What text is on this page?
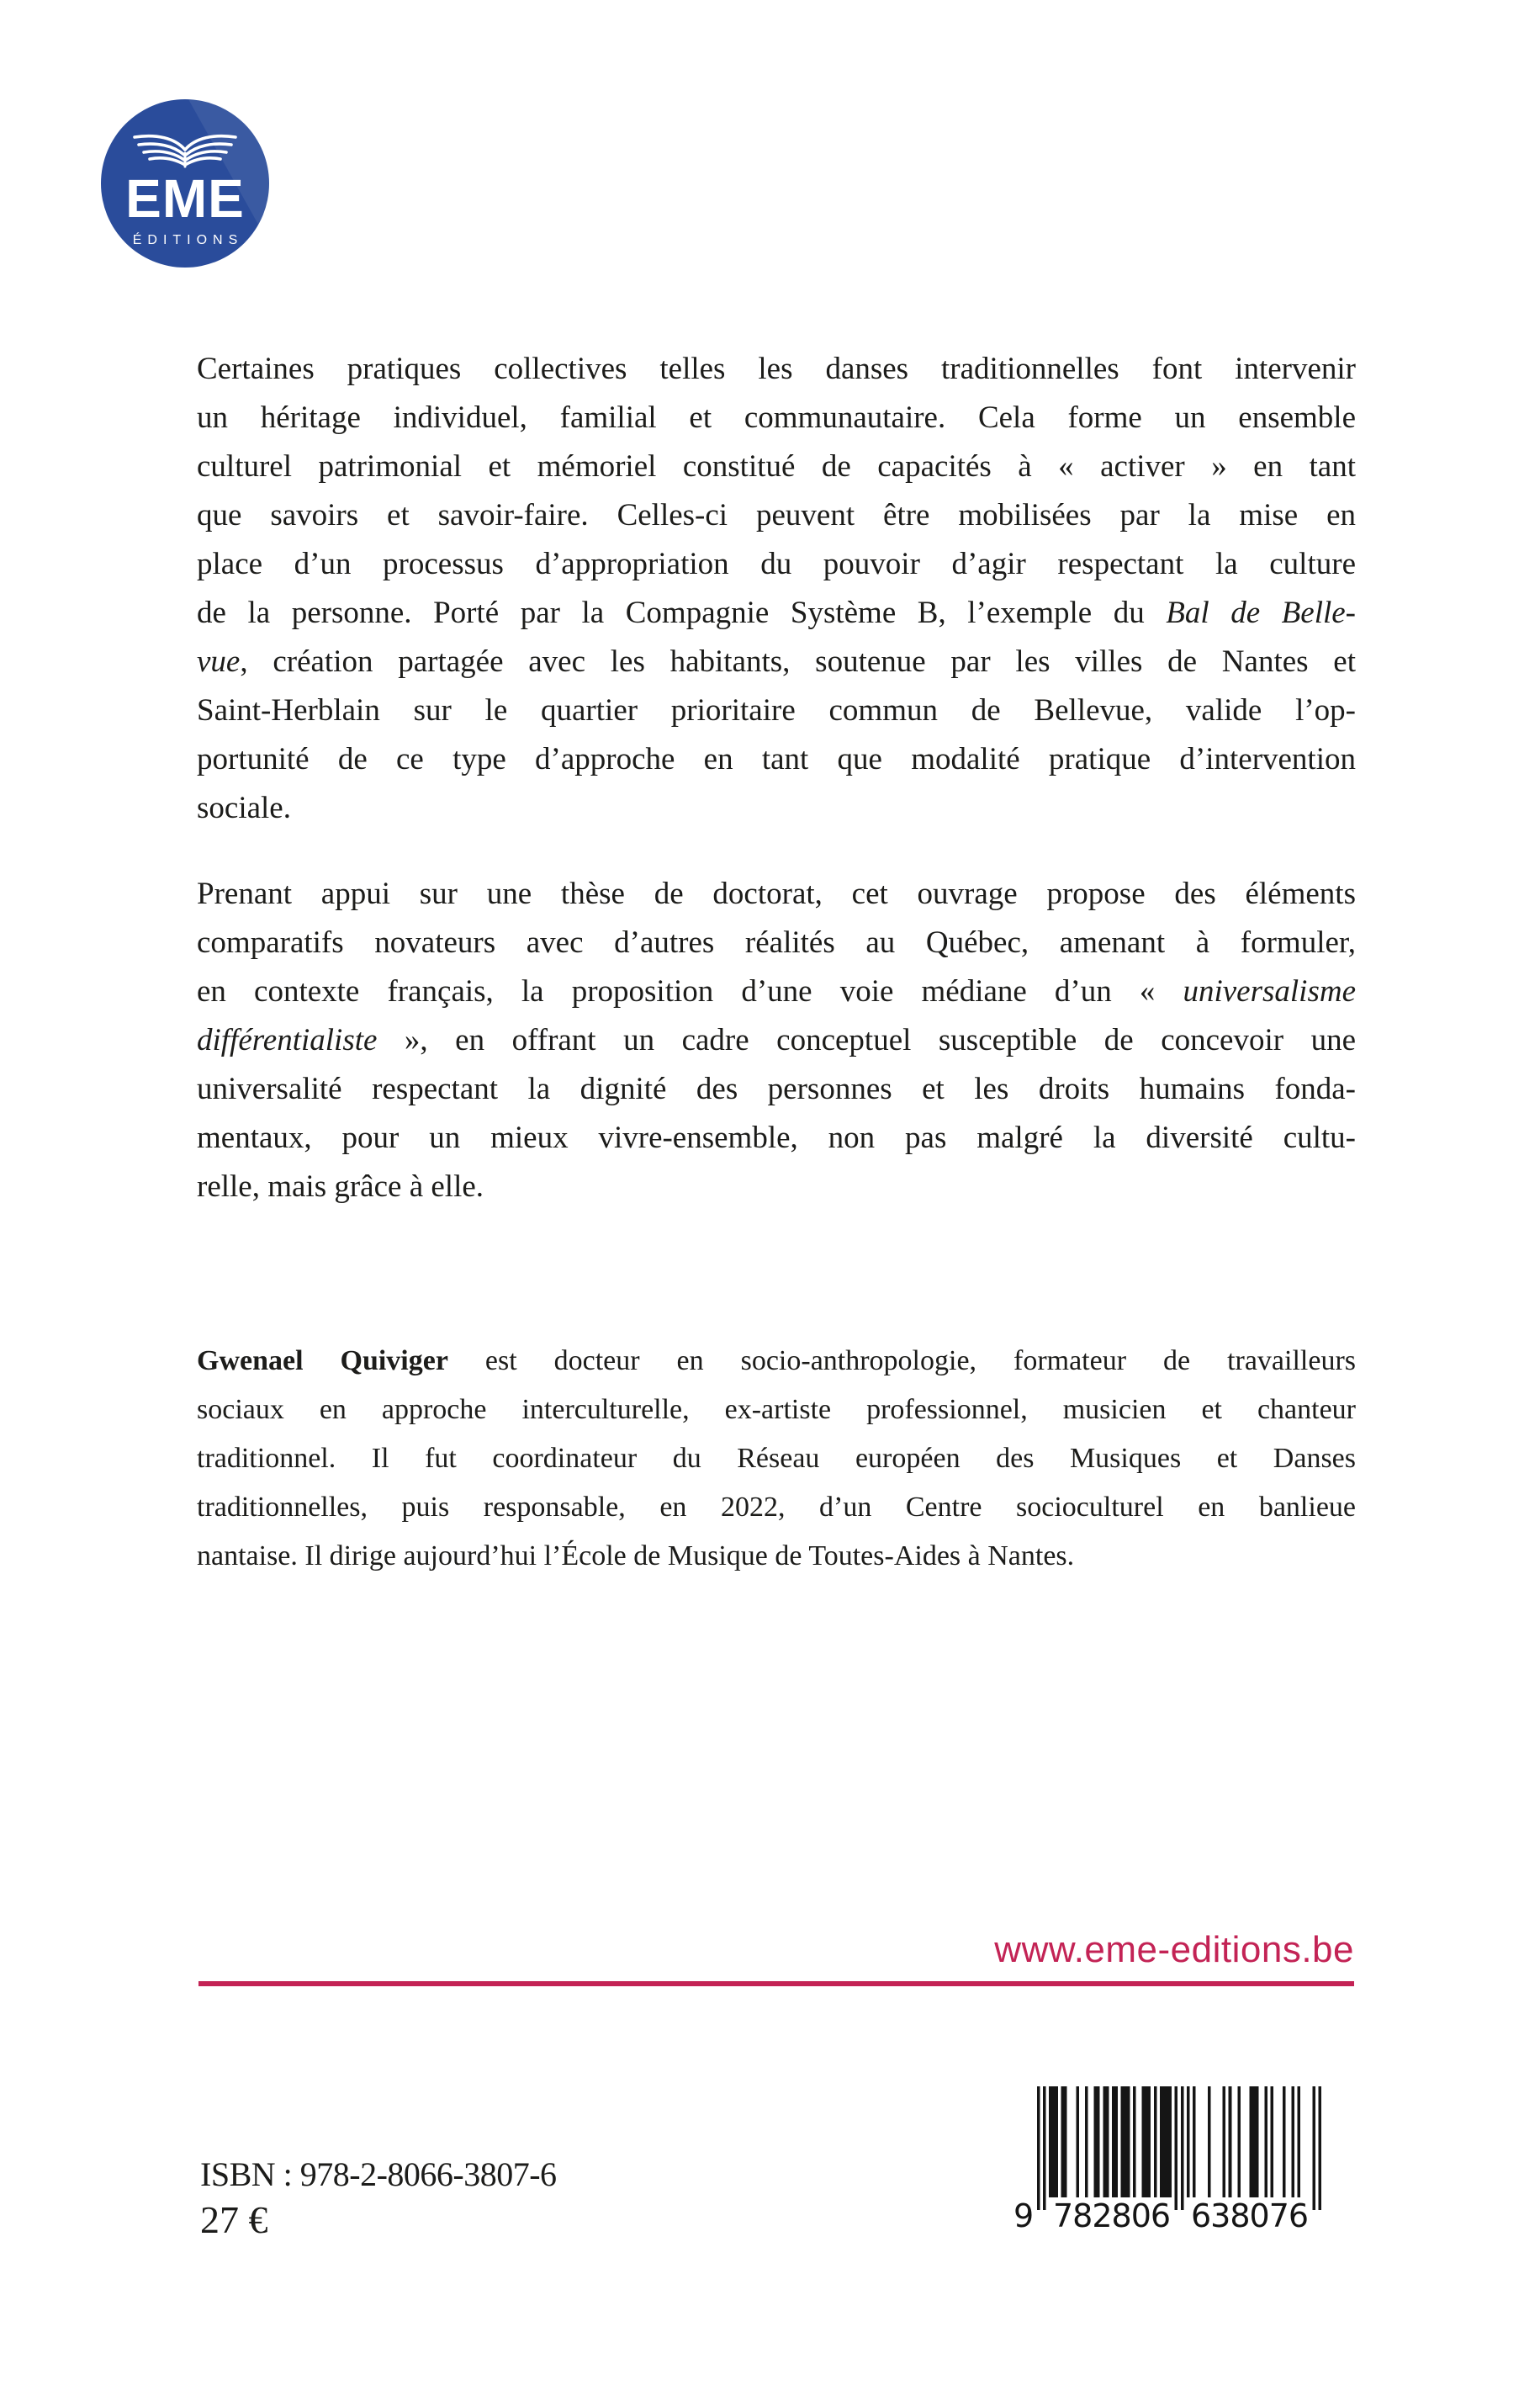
EME
ÉDITIONS
Certaines pratiques collectives telles les danses traditionnelles font intervenir
un héritage individuel, familial et communautaire. Cela forme un ensemble
culturel patrimonial et mémoriel constitué de capacités à « activer » en tant
que savoirs et savoir-faire. Celles-ci peuvent être mobilisées par la mise en
place d’un processus d’appropriation du pouvoir d’agir respectant la culture
de la personne. Porté par la Compagnie Système B, l’exemple du Bal de Belle-
vue, création partagée avec les habitants, soutenue par les villes de Nantes et
Saint-Herblain sur le quartier prioritaire commun de Bellevue, valide l’op-
portunité de ce type d’approche en tant que modalité pratique d’intervention
sociale.
Prenant appui sur une thèse de doctorat, cet ouvrage propose des éléments
comparatifs novateurs avec d’autres réalités au Québec, amenant à formuler,
en contexte français, la proposition d’une voie médiane d’un « universalisme
différentialiste », en offrant un cadre conceptuel susceptible de concevoir une
universalité respectant la dignité des personnes et les droits humains fonda-
mentaux, pour un mieux vivre-ensemble, non pas malgré la diversité cultu-
relle, mais grâce à elle.
Gwenael Quiviger est docteur en socio-anthropologie, formateur de travailleurs
sociaux en approche interculturelle, ex-artiste professionnel, musicien et chanteur
traditionnel. Il fut coordinateur du Réseau européen des Musiques et Danses
traditionnelles, puis responsable, en 2022, d’un Centre socioculturel en banlieue
nantaise. Il dirige aujourd’hui l’École de Musique de Toutes-Aides à Nantes.
www.eme-editions.be
ISBN : 978-2-8066-3807-6
27 €	9 782806 638076
